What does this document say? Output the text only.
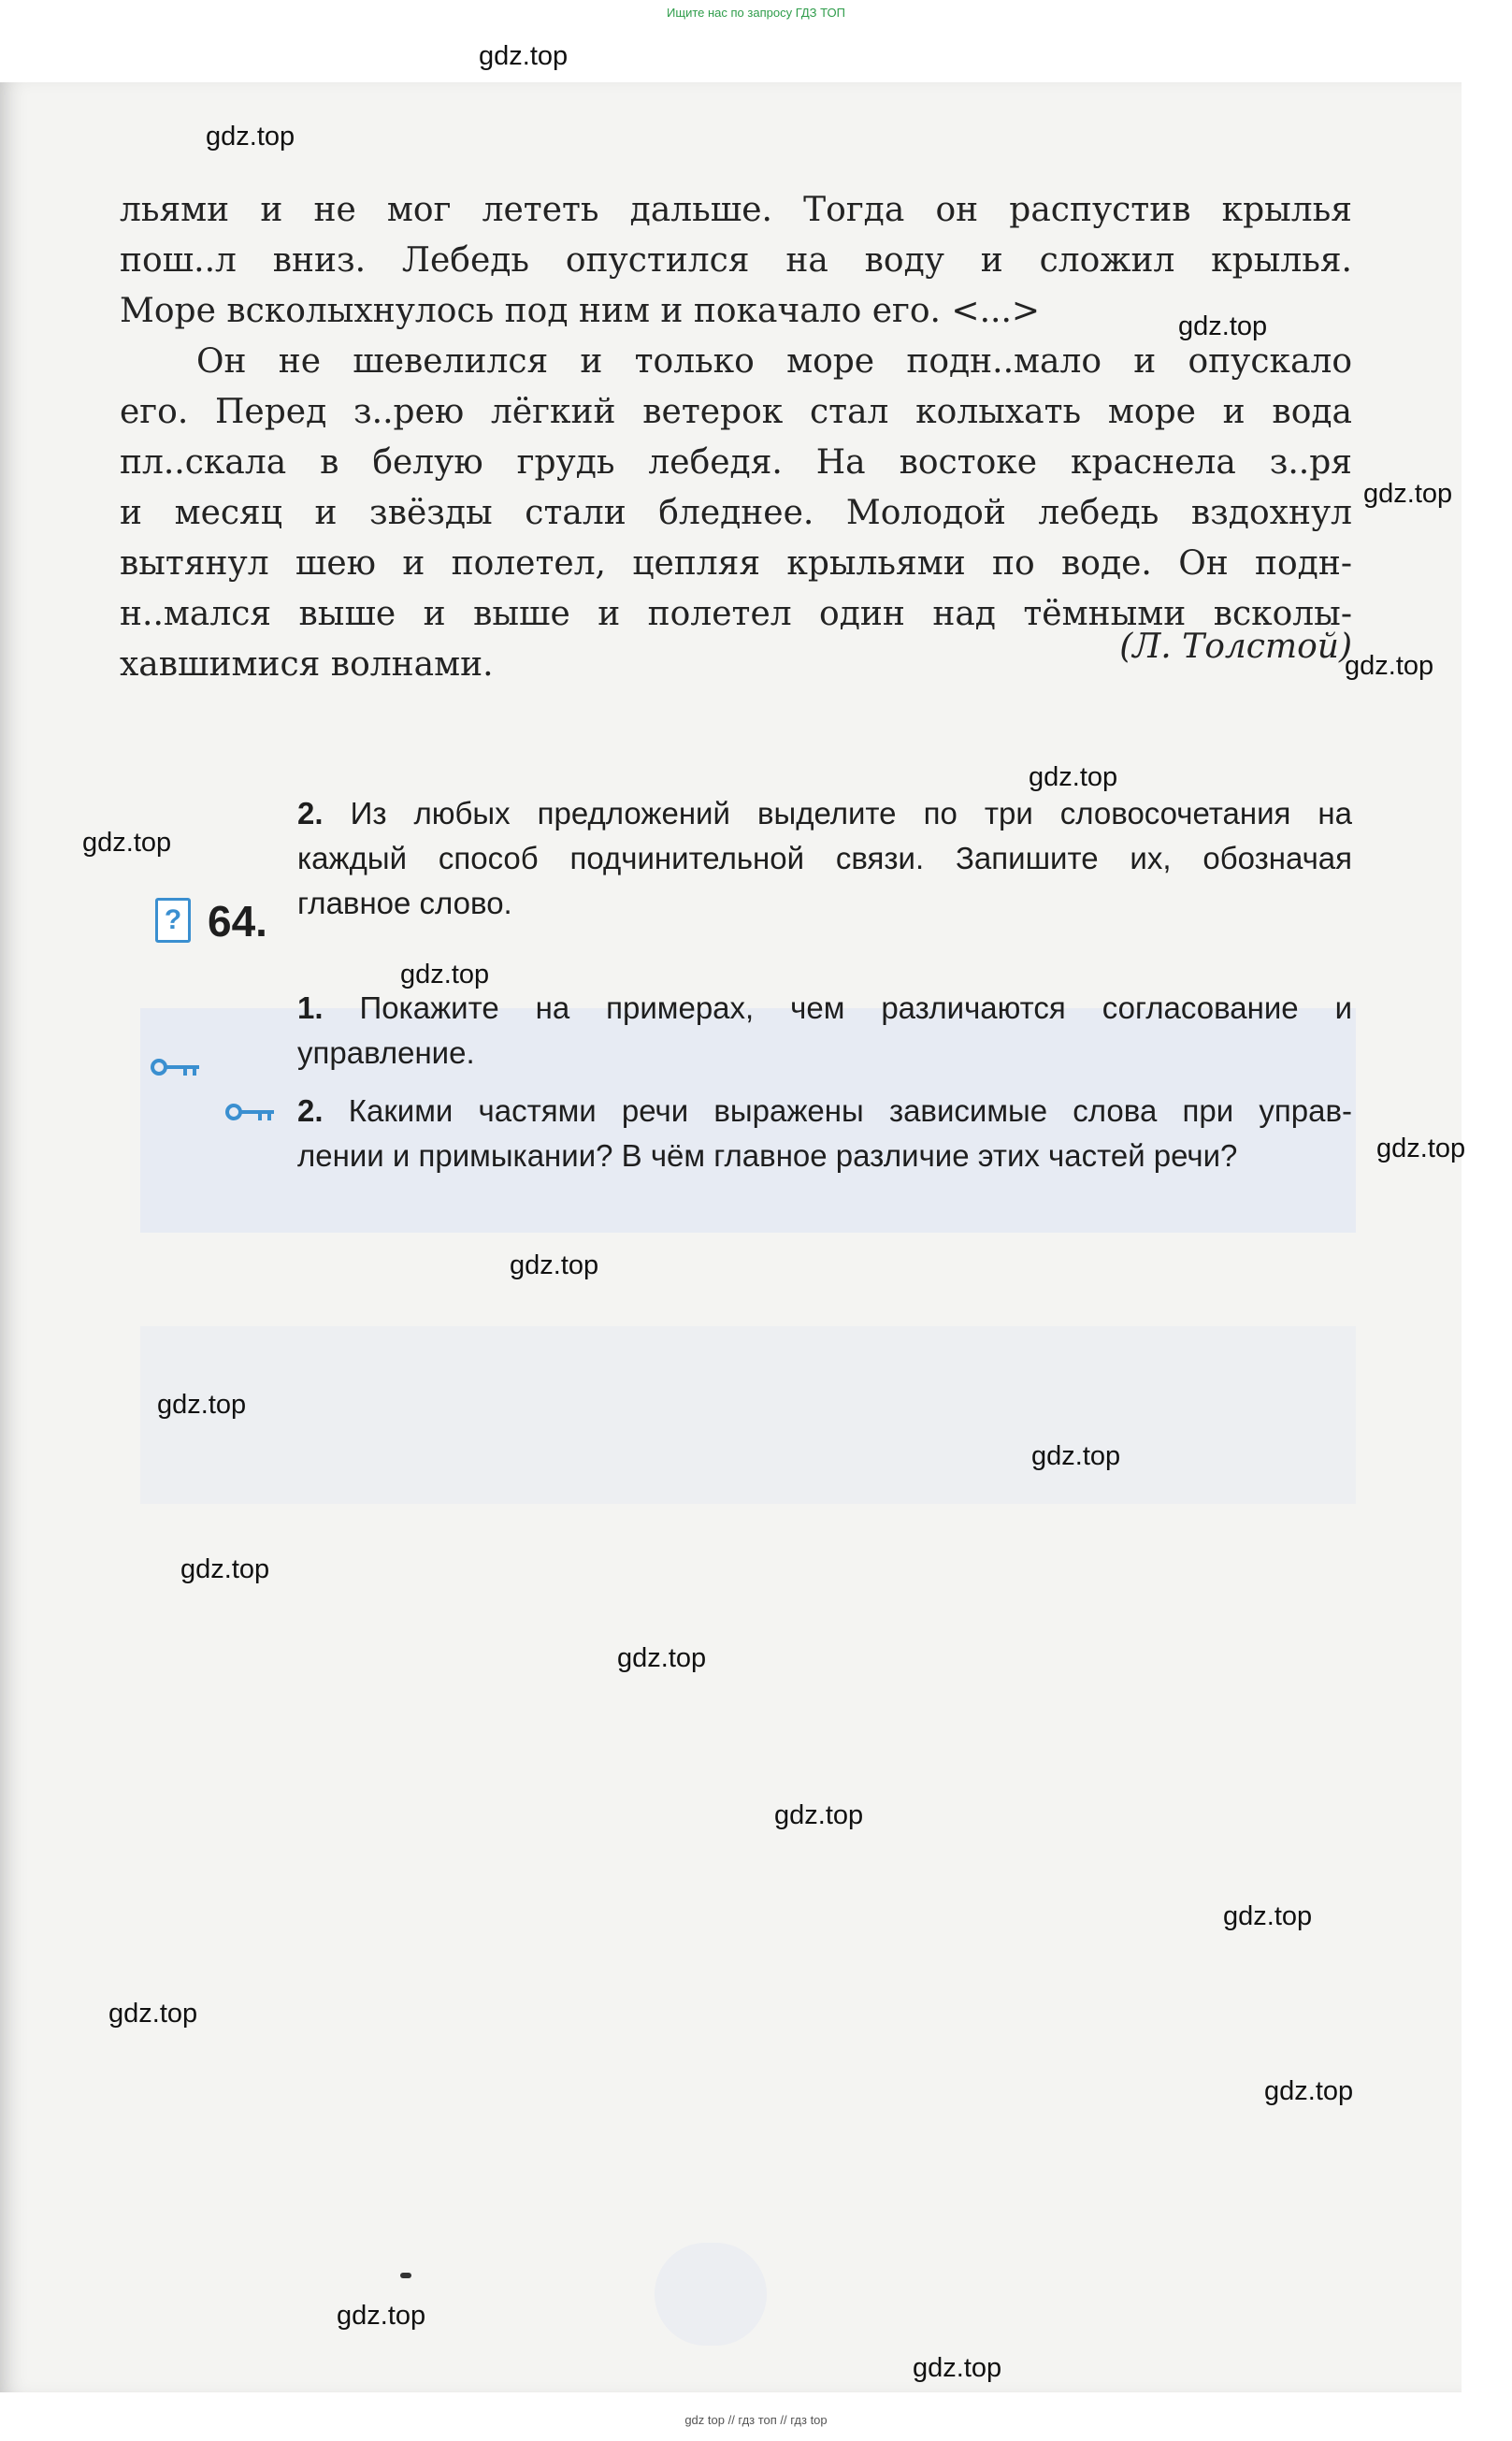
Ищите нас по запросу ГДЗ ТОП
льями и не мог лететь дальше. Тогда он распустив крылья
пош..л вниз. Лебедь опустился на воду и сложил крылья.
Море всколыхнулось под ним и покачало его. <...>
Он не шевелился и только море подн..мало и опускало
его. Перед з..рею лёгкий ветерок стал колыхать море и вода
пл..скала в белую грудь лебедя. На востоке краснела з..ря
и месяц и звёзды стали бледнее. Молодой лебедь вздохнул
вытянул шею и полетел, цепляя крыльями по воде. Он подн-
н..мался выше и выше и полетел один над тёмными всколы-
хавшимися волнами.	(Л. Толстой)
2. Из любых предложений выделите по три словосочетания на
каждый способ подчинительной связи. Запишите их, обозначая
главное слово.
? 64.
1. Покажите на примерах, чем различаются согласование и
управление.
2. Какими частями речи выражены зависимые слова при управ-
лении и примыкании? В чём главное различие этих частей речи?
gdz.top
gdz.top
gdz.top
gdz.top
gdz.top
gdz.top
gdz.top
gdz.top
gdz.top
gdz.top
gdz.top
gdz.top
gdz.top
gdz.top
gdz.top
gdz.top
gdz.top
gdz.top
gdz.top
gdz.top
gdz top // гдз топ // гдз top
